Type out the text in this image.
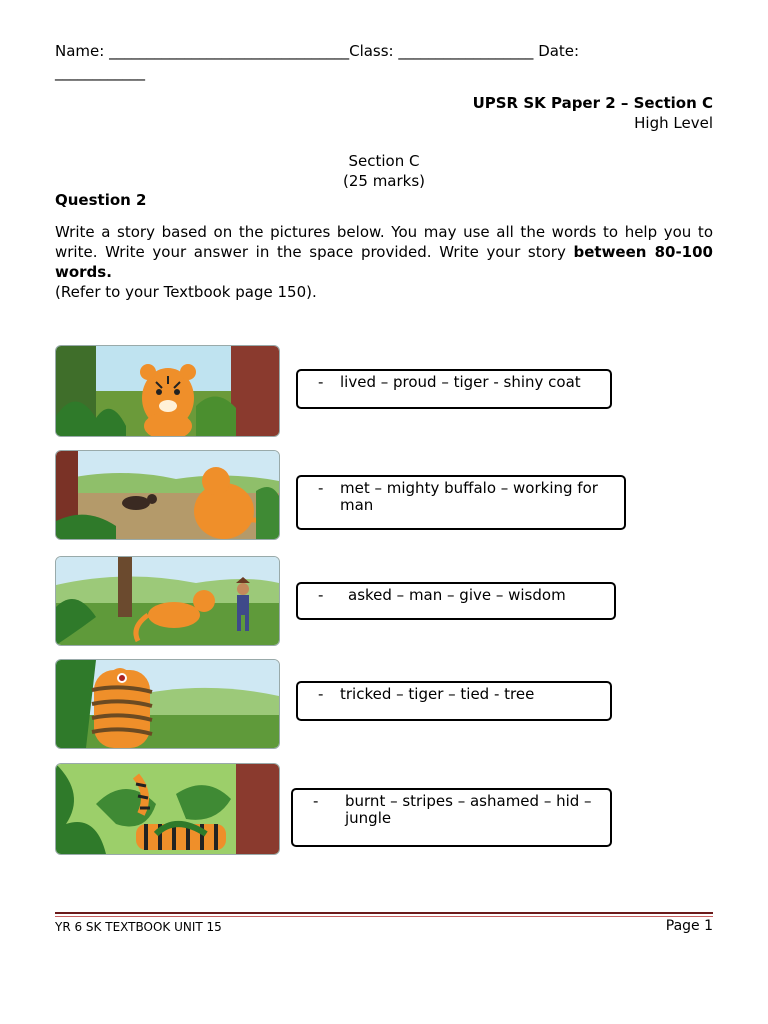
Name: ________________________________Class: __________________ Date:
____________
UPSR SK Paper 2 – Section C
High Level
Section C
(25 marks)
Question 2
Write a story based on the pictures below. You may use all the words to help you to write. Write your answer in the space provided. Write your story between 80-100 words.
(Refer to your Textbook page 150).
-	lived – proud – tiger - shiny coat
-	met – mighty buffalo – working for man
-	asked – man – give – wisdom
-	tricked – tiger – tied - tree
-	burnt – stripes – ashamed – hid – jungle
YR 6 SK TEXTBOOK UNIT 15	Page 1
